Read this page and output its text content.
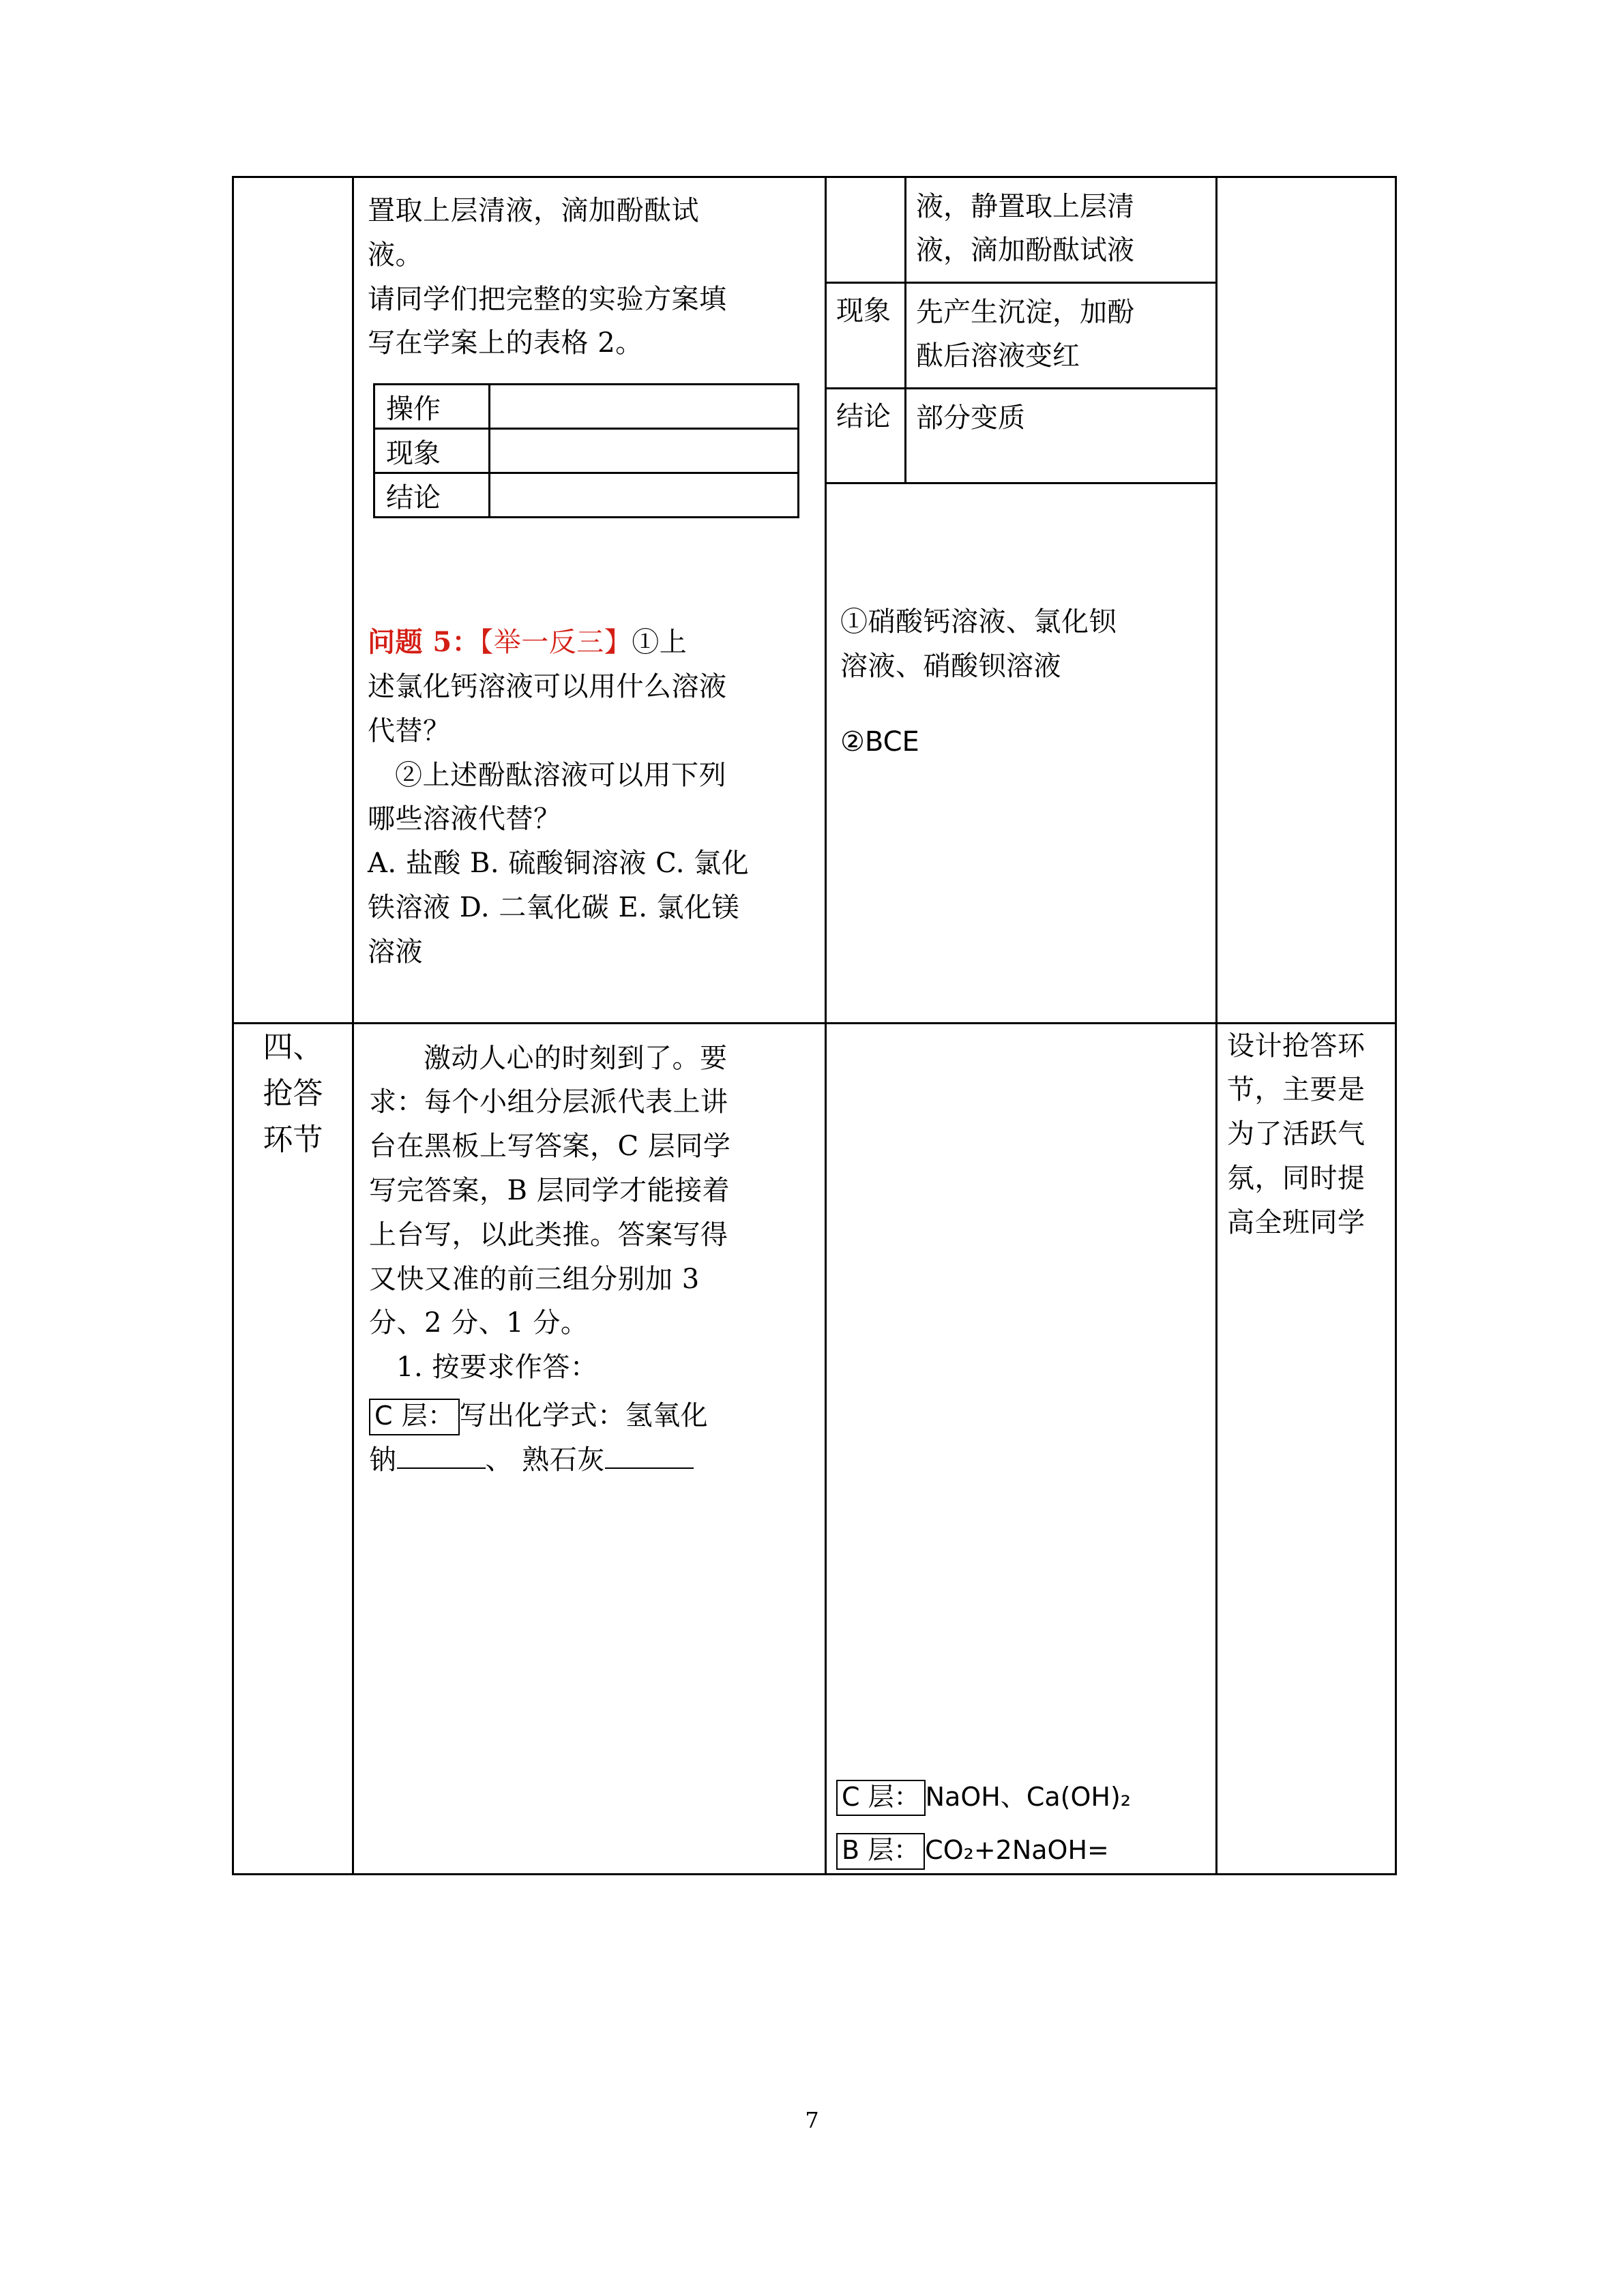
置取上层清液，滴加酚酞试
液。
请同学们把完整的实验方案填
写在学案上的表格 2。
操作	
现象	
结论	
问题 5：【举一反三】①上
述氯化钙溶液可以用什么溶液
代替？
②上述酚酞溶液可以用下列
哪些溶液代替？
A. 盐酸 B. 硫酸铜溶液 C. 氯化
铁溶液 D. 二氧化碳 E. 氯化镁
溶液

液，静置取上层清
液，滴加酚酞试液

现象	先产生沉淀，加酚
酞后溶液变红

结论	部分变质
①硝酸钙溶液、氯化钡
溶液、硝酸钡溶液
②BCE

四、
抢答
环节

激动人心的时刻到了。要
求：每个小组分层派代表上讲
台在黑板上写答案，C 层同学
写完答案，B 层同学才能接着
上台写，以此类推。答案写得
又快又准的前三组分别加 3
分、2 分、1 分。
1. 按要求作答：
C 层： 写出化学式：氢氧化
钠	、 熟石灰

C 层： NaOH、Ca(OH)₂
B 层： CO₂+2NaOH=

设计抢答环
节，主要是
为了活跃气
氛，同时提
高全班同学
7
